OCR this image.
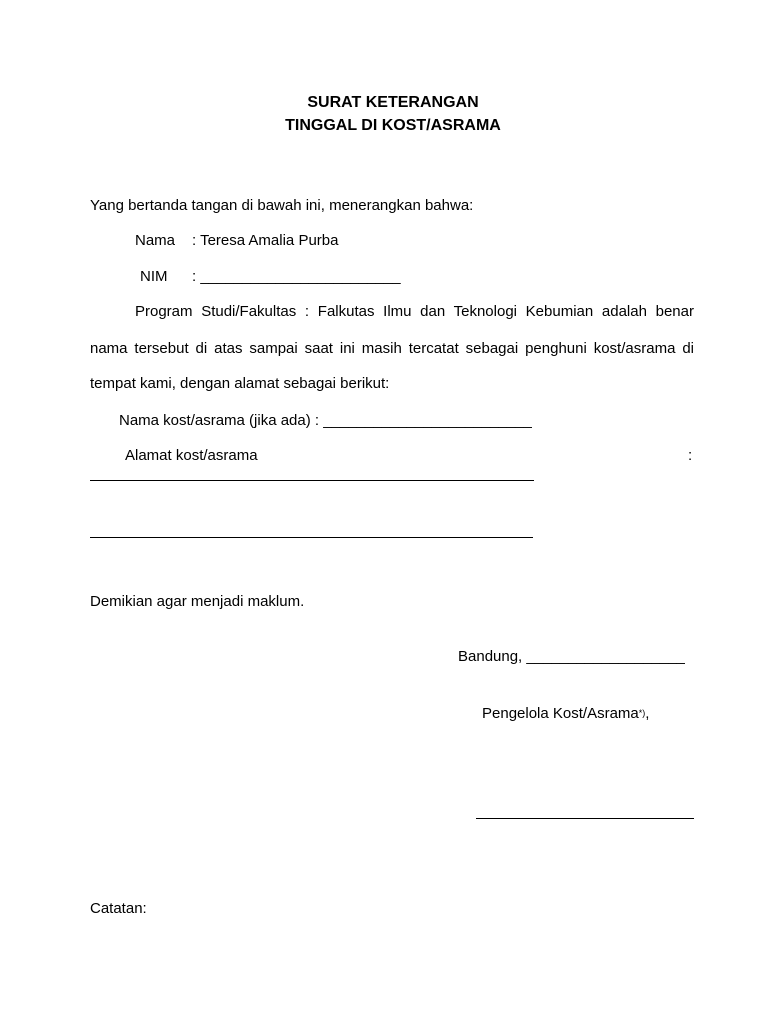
SURAT KETERANGAN
TINGGAL DI KOST/ASRAMA
Yang bertanda tangan di bawah ini, menerangkan bahwa:
Nama : Teresa Amalia Purba
NIM : ________________________
Program Studi/Fakultas : Falkutas Ilmu dan Teknologi Kebumian adalah benar
nama tersebut di atas sampai saat ini masih tercatat sebagai penghuni kost/asrama di
tempat kami, dengan alamat sebagai berikut:
Nama kost/asrama (jika ada) : _________________________
Alamat kost/asrama	:
Demikian agar menjadi maklum.
Bandung, ___________________
Pengelola Kost/Asrama*),
Catatan:
